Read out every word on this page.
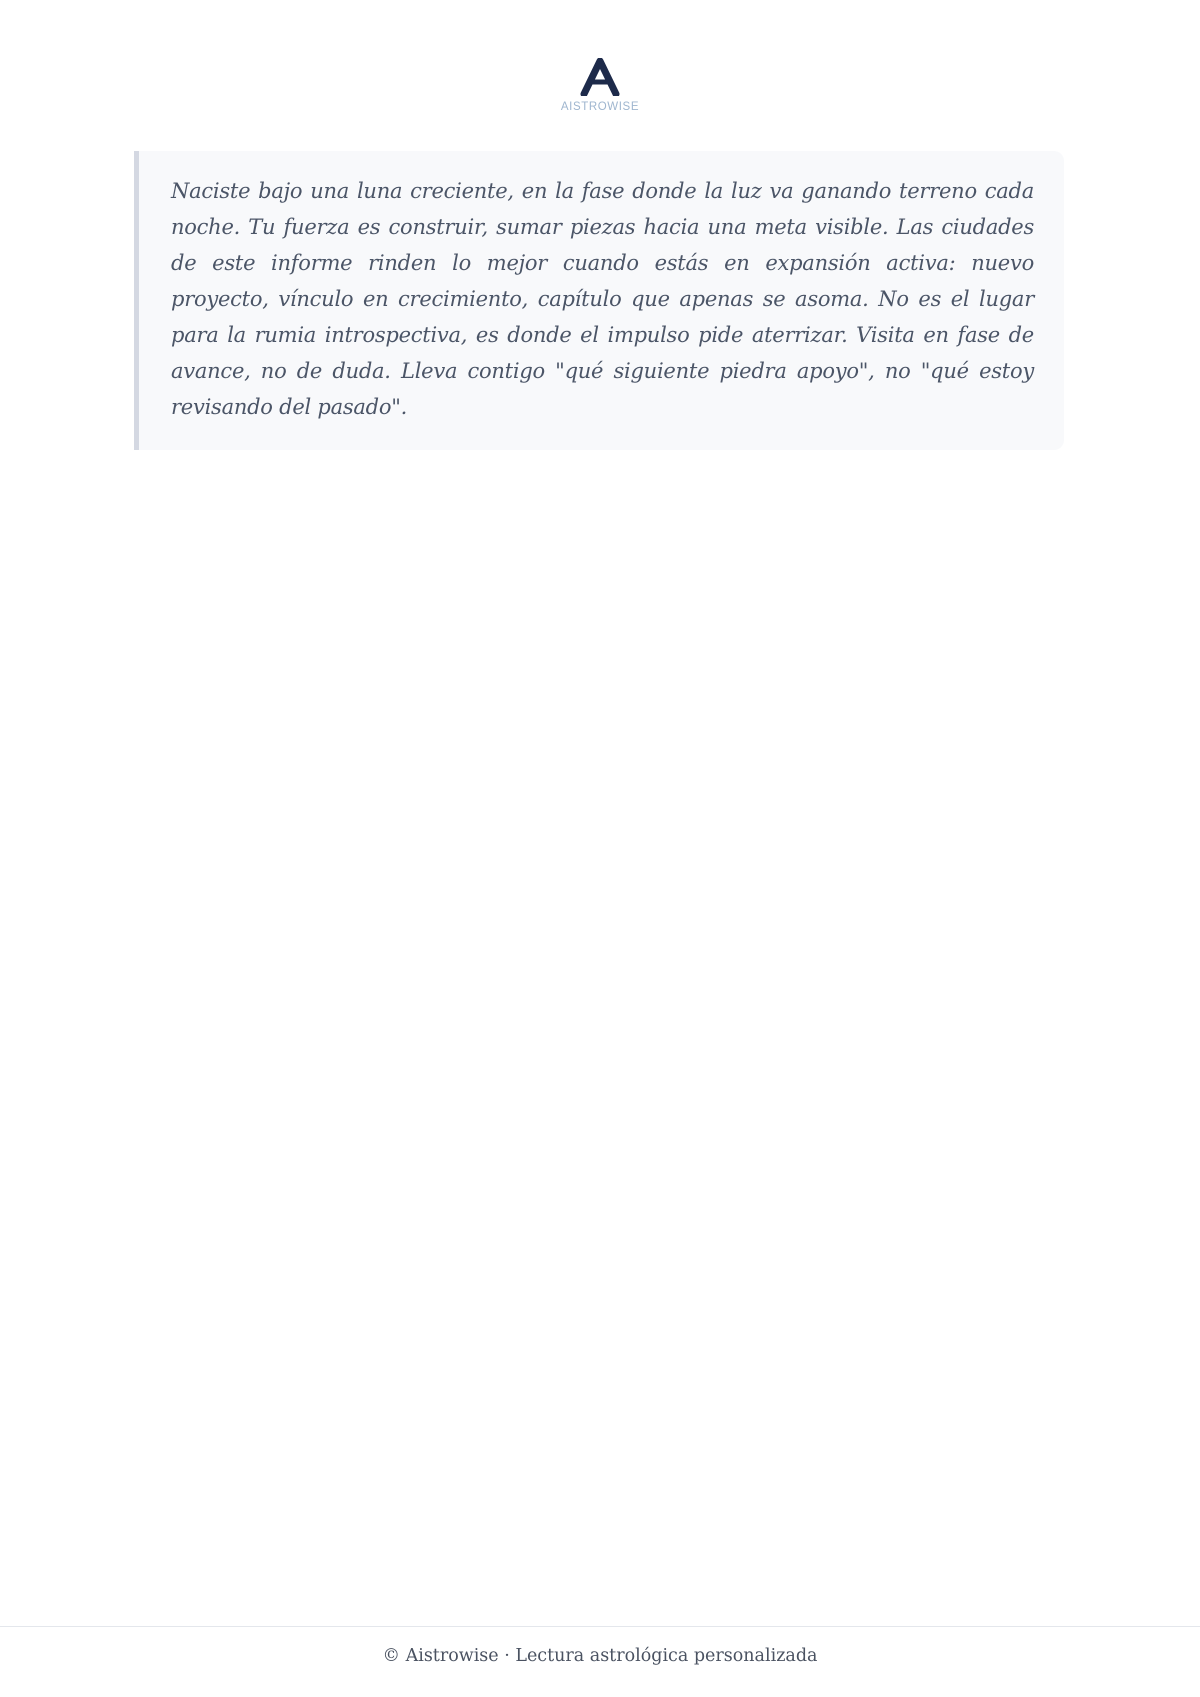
AISTROWISE

Naciste bajo una luna creciente, en la fase donde la luz va ganando terreno cada noche. Tu fuerza es construir, sumar piezas hacia una meta visible. Las ciudades de este informe rinden lo mejor cuando estás en expansión activa: nuevo proyecto, vínculo en crecimiento, capítulo que apenas se asoma. No es el lugar para la rumia introspectiva, es donde el impulso pide aterrizar. Visita en fase de avance, no de duda. Lleva contigo "qué siguiente piedra apoyo", no "qué estoy revisando del pasado".

© Aistrowise · Lectura astrológica personalizada
